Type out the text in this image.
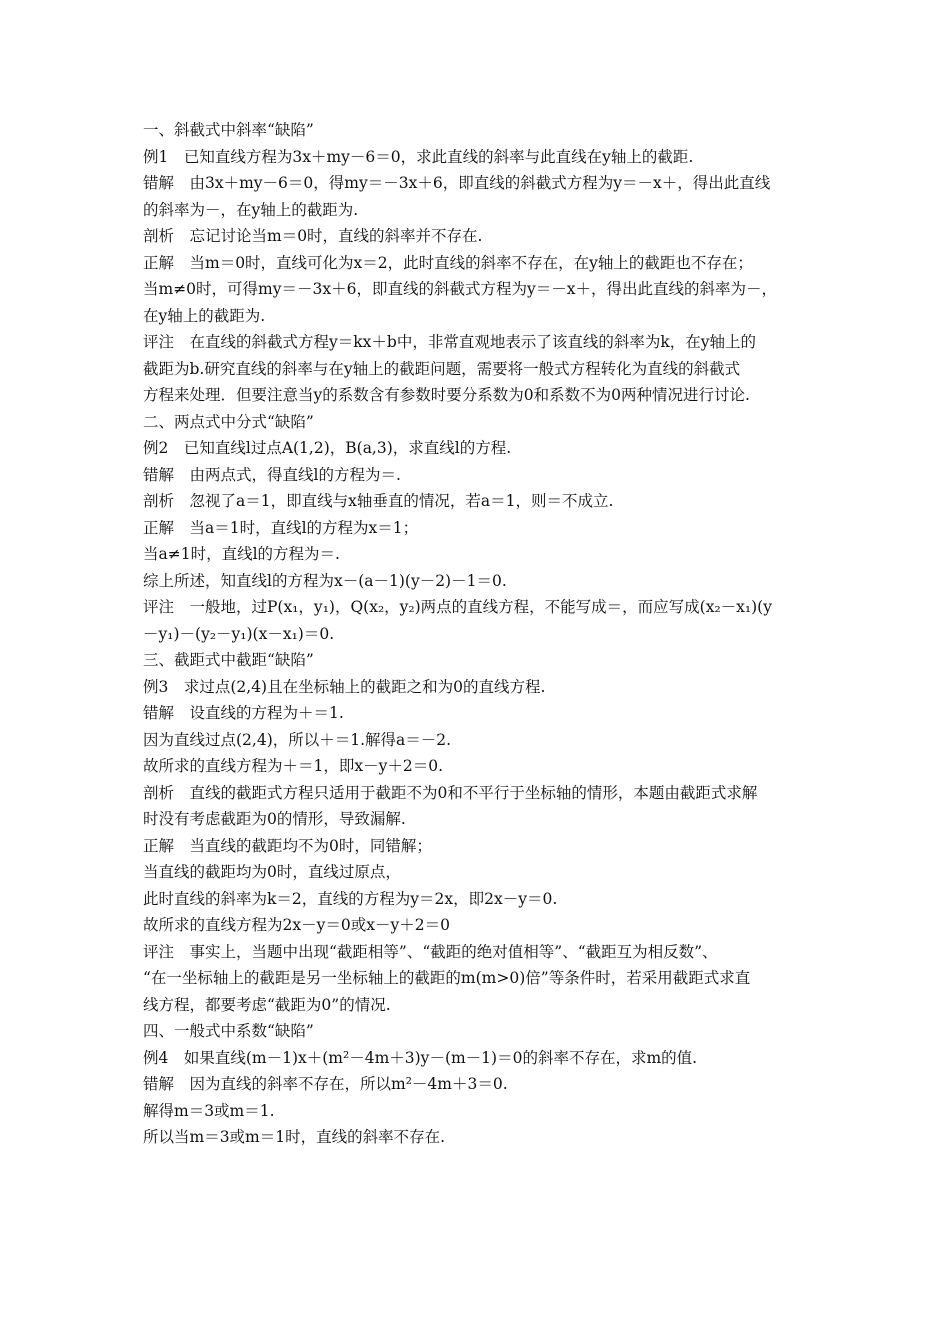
一、斜截式中斜率“缺陷”
例1　已知直线方程为3x＋my－6＝0，求此直线的斜率与此直线在y轴上的截距.
错解　由3x＋my－6＝0，得my＝－3x＋6，即直线的斜截式方程为y＝－x＋，得出此直线
的斜率为－，在y轴上的截距为.
剖析　忘记讨论当m＝0时，直线的斜率并不存在.
正解　当m＝0时，直线可化为x＝2，此时直线的斜率不存在，在y轴上的截距也不存在；
当m≠0时，可得my＝－3x＋6，即直线的斜截式方程为y＝－x＋，得出此直线的斜率为－，
在y轴上的截距为.
评注　在直线的斜截式方程y＝kx＋b中，非常直观地表示了该直线的斜率为k，在y轴上的
截距为b.研究直线的斜率与在y轴上的截距问题，需要将一般式方程转化为直线的斜截式
方程来处理．但要注意当y的系数含有参数时要分系数为0和系数不为0两种情况进行讨论.
二、两点式中分式“缺陷”
例2　已知直线l过点A(1,2)，B(a,3)，求直线l的方程.
错解　由两点式，得直线l的方程为＝.
剖析　忽视了a＝1，即直线与x轴垂直的情况，若a＝1，则＝不成立.
正解　当a＝1时，直线l的方程为x＝1；
当a≠1时，直线l的方程为＝.
综上所述，知直线l的方程为x－(a－1)(y－2)－1＝0.
评注　一般地，过P(x₁，y₁)，Q(x₂，y₂)两点的直线方程，不能写成＝，而应写成(x₂－x₁)(y
－y₁)－(y₂－y₁)(x－x₁)＝0.
三、截距式中截距“缺陷”
例3　求过点(2,4)且在坐标轴上的截距之和为0的直线方程.
错解　设直线的方程为＋＝1.
因为直线过点(2,4)，所以＋＝1.解得a＝－2.
故所求的直线方程为＋＝1，即x－y＋2＝0.
剖析　直线的截距式方程只适用于截距不为0和不平行于坐标轴的情形，本题由截距式求解
时没有考虑截距为0的情形，导致漏解.
正解　当直线的截距均不为0时，同错解；
当直线的截距均为0时，直线过原点，
此时直线的斜率为k＝2，直线的方程为y＝2x，即2x－y＝0.
故所求的直线方程为2x－y＝0或x－y＋2＝0
评注　事实上，当题中出现“截距相等”、“截距的绝对值相等”、“截距互为相反数”、
“在一坐标轴上的截距是另一坐标轴上的截距的m(m>0)倍”等条件时，若采用截距式求直
线方程，都要考虑“截距为0”的情况.
四、一般式中系数“缺陷”
例4　如果直线(m－1)x＋(m²－4m＋3)y－(m－1)＝0的斜率不存在，求m的值.
错解　因为直线的斜率不存在，所以m²－4m＋3＝0.
解得m＝3或m＝1.
所以当m＝3或m＝1时，直线的斜率不存在.
